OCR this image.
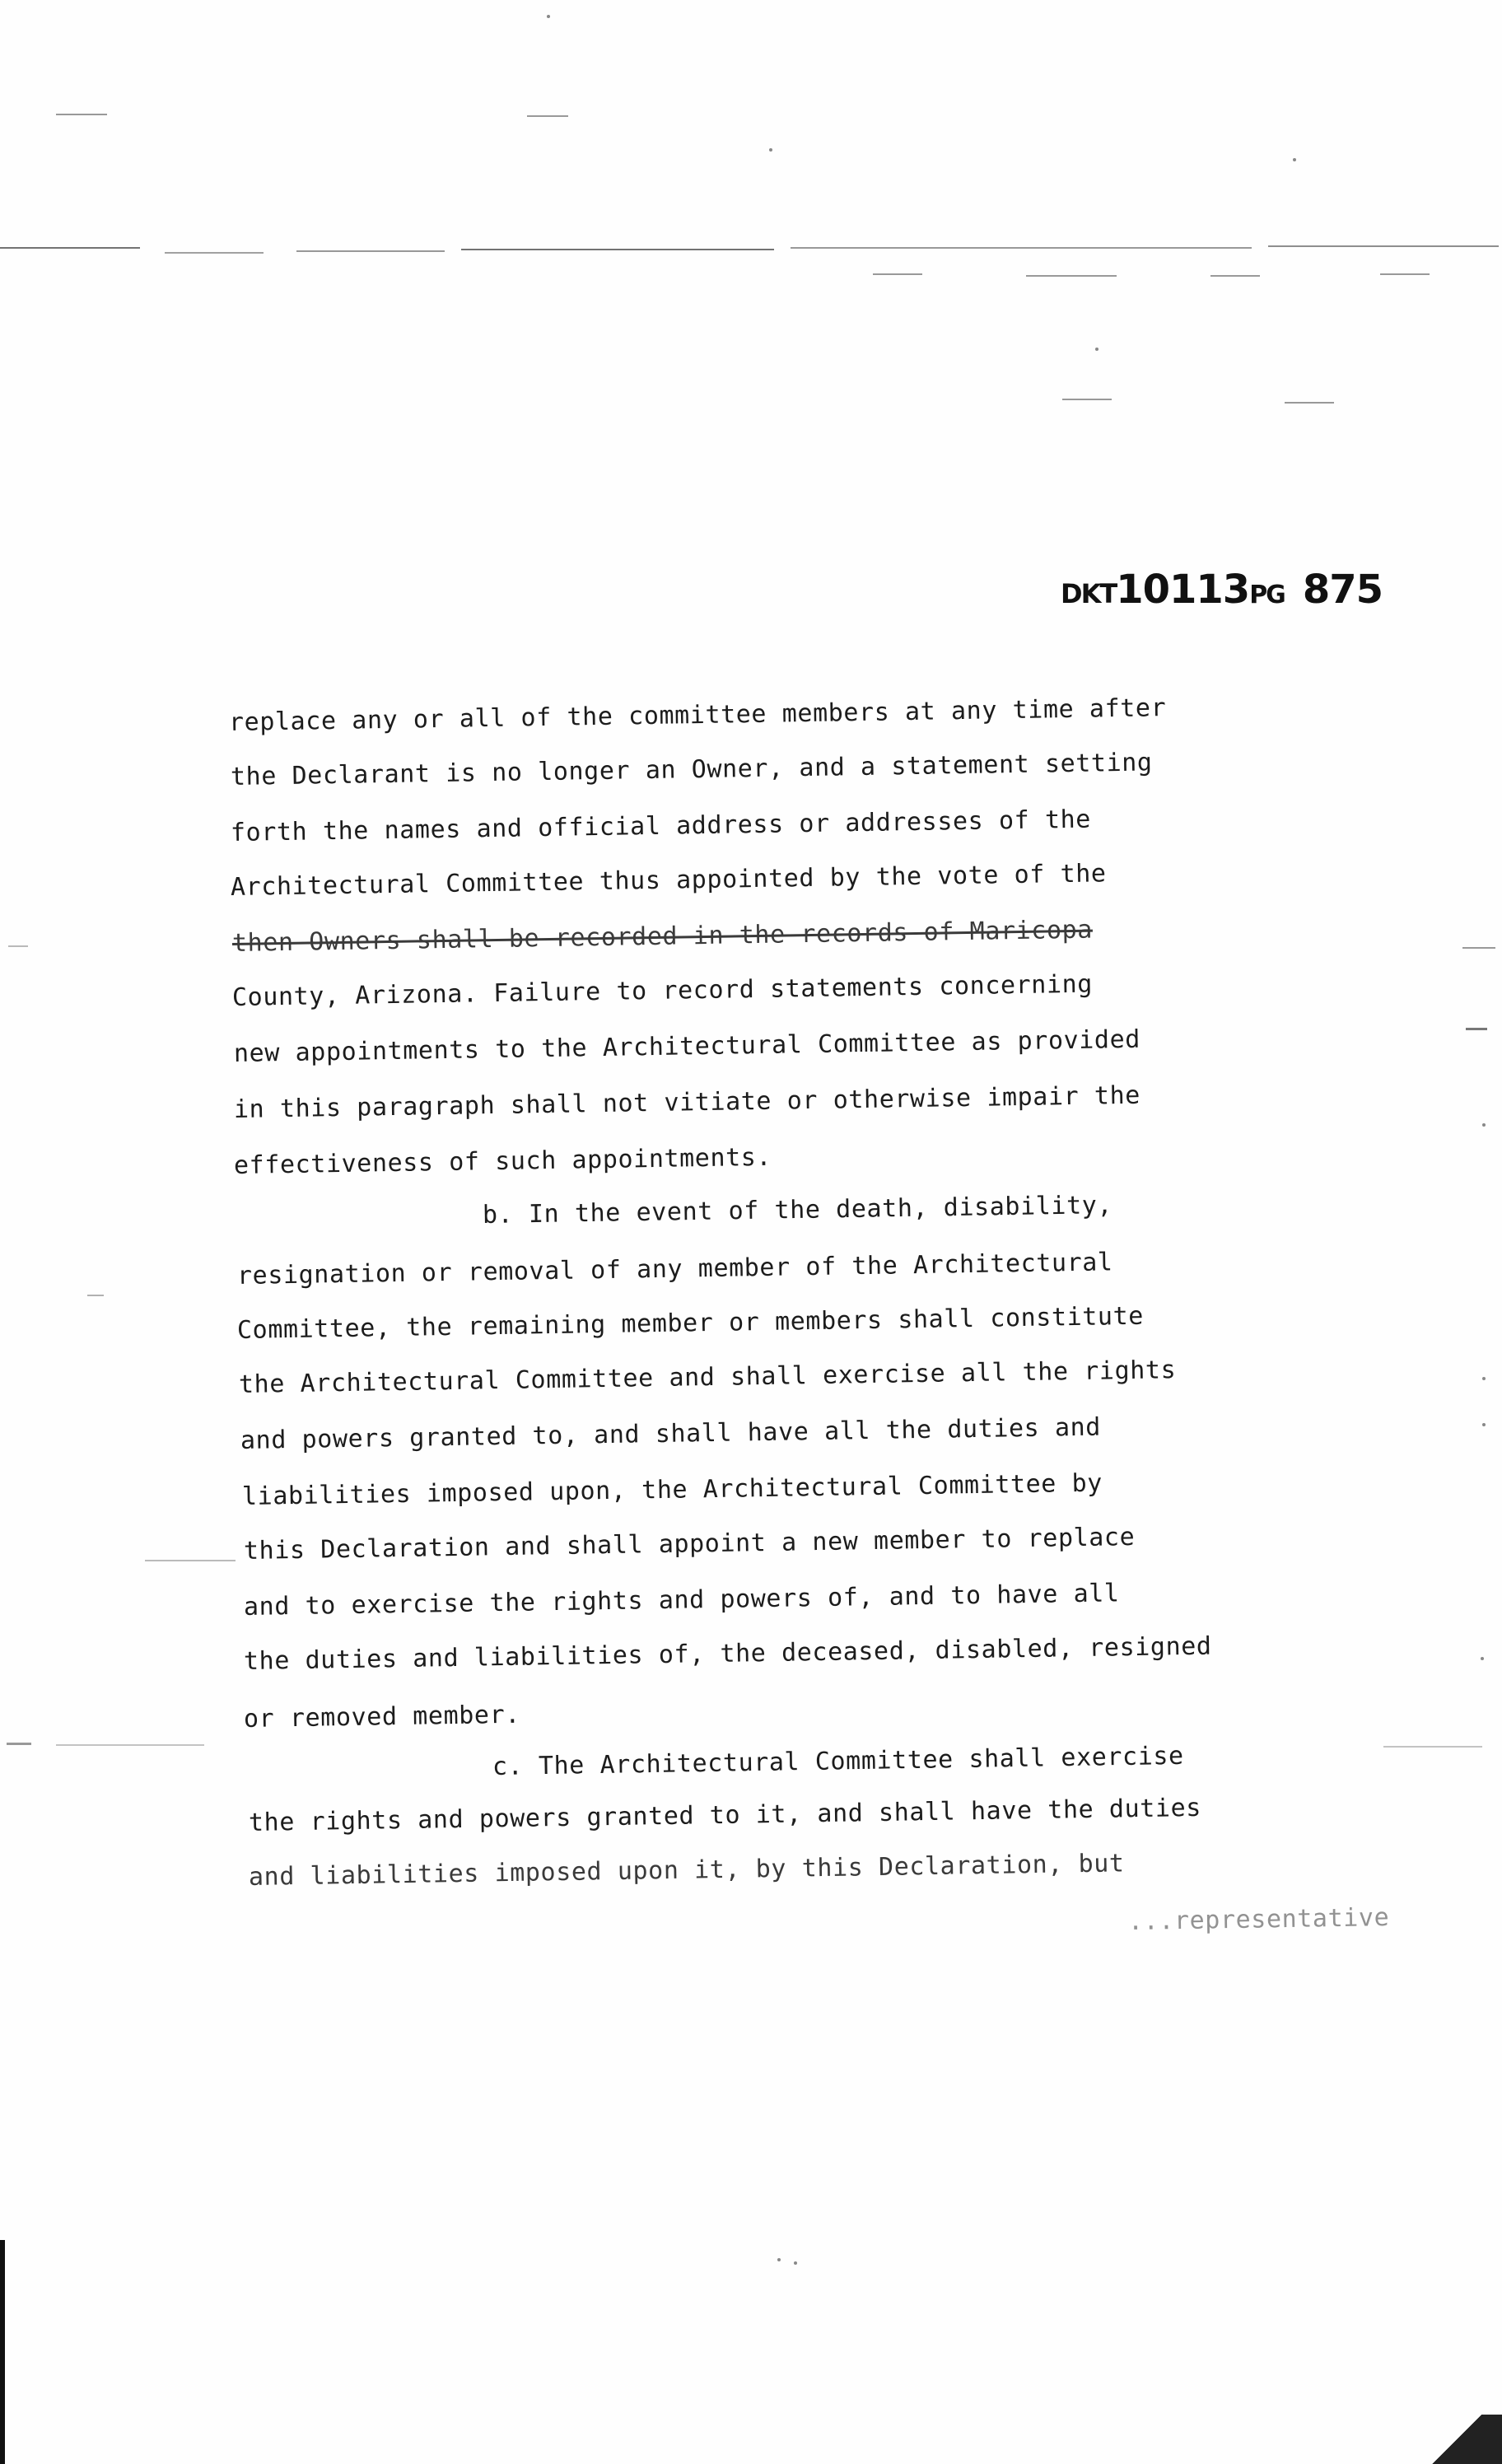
DKT10113PG 875
replace any or all of the committee members at any time after
the Declarant is no longer an Owner, and a statement setting
forth the names and official address or addresses of the
Architectural Committee thus appointed by the vote of the
then Owners shall be recorded in the records of Maricopa
County, Arizona. Failure to record statements concerning
new appointments to the Architectural Committee as provided
in this paragraph shall not vitiate or otherwise impair the
effectiveness of such appointments.
b. In the event of the death, disability,
resignation or removal of any member of the Architectural
Committee, the remaining member or members shall constitute
the Architectural Committee and shall exercise all the rights
and powers granted to, and shall have all the duties and
liabilities imposed upon, the Architectural Committee by
this Declaration and shall appoint a new member to replace
and to exercise the rights and powers of, and to have all
the duties and liabilities of, the deceased, disabled, resigned
or removed member.
c. The Architectural Committee shall exercise
the rights and powers granted to it, and shall have the duties
and liabilities imposed upon it, by this Declaration, but
...representative
